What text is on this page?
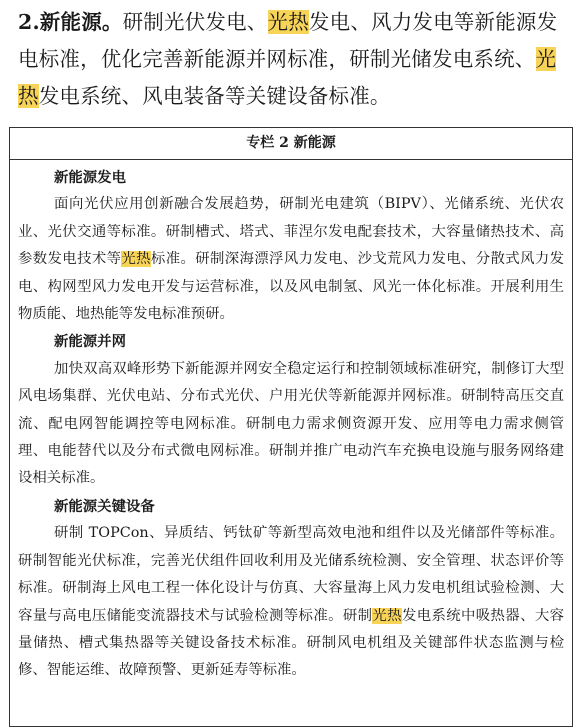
2.新能源。研制光伏发电、光热发电、风力发电等新能源发电标准，优化完善新能源并网标准，研制光储发电系统、光热发电系统、风电装备等关键设备标准。
专栏 2 新能源
新能源发电
面向光伏应用创新融合发展趋势，研制光电建筑（BIPV）、光储系统、光伏农业、光伏交通等标准。研制槽式、塔式、菲涅尔发电配套技术，大容量储热技术、高参数发电技术等光热标准。研制深海漂浮风力发电、沙戈荒风力发电、分散式风力发电、构网型风力发电开发与运营标准，以及风电制氢、风光一体化标准。开展利用生物质能、地热能等发电标准预研。
新能源并网
加快双高双峰形势下新能源并网安全稳定运行和控制领域标准研究，制修订大型风电场集群、光伏电站、分布式光伏、户用光伏等新能源并网标准。研制特高压交直流、配电网智能调控等电网标准。研制电力需求侧资源开发、应用等电力需求侧管理、电能替代以及分布式微电网标准。研制并推广电动汽车充换电设施与服务网络建设相关标准。
新能源关键设备
研制 TOPCon、异质结、钙钛矿等新型高效电池和组件以及光储部件等标准。研制智能光伏标准，完善光伏组件回收利用及光储系统检测、安全管理、状态评价等标准。研制海上风电工程一体化设计与仿真、大容量海上风力发电机组试验检测、大容量与高电压储能变流器技术与试验检测等标准。研制光热发电系统中吸热器、大容量储热、槽式集热器等关键设备技术标准。研制风电机组及关键部件状态监测与检修、智能运维、故障预警、更新延寿等标准。
